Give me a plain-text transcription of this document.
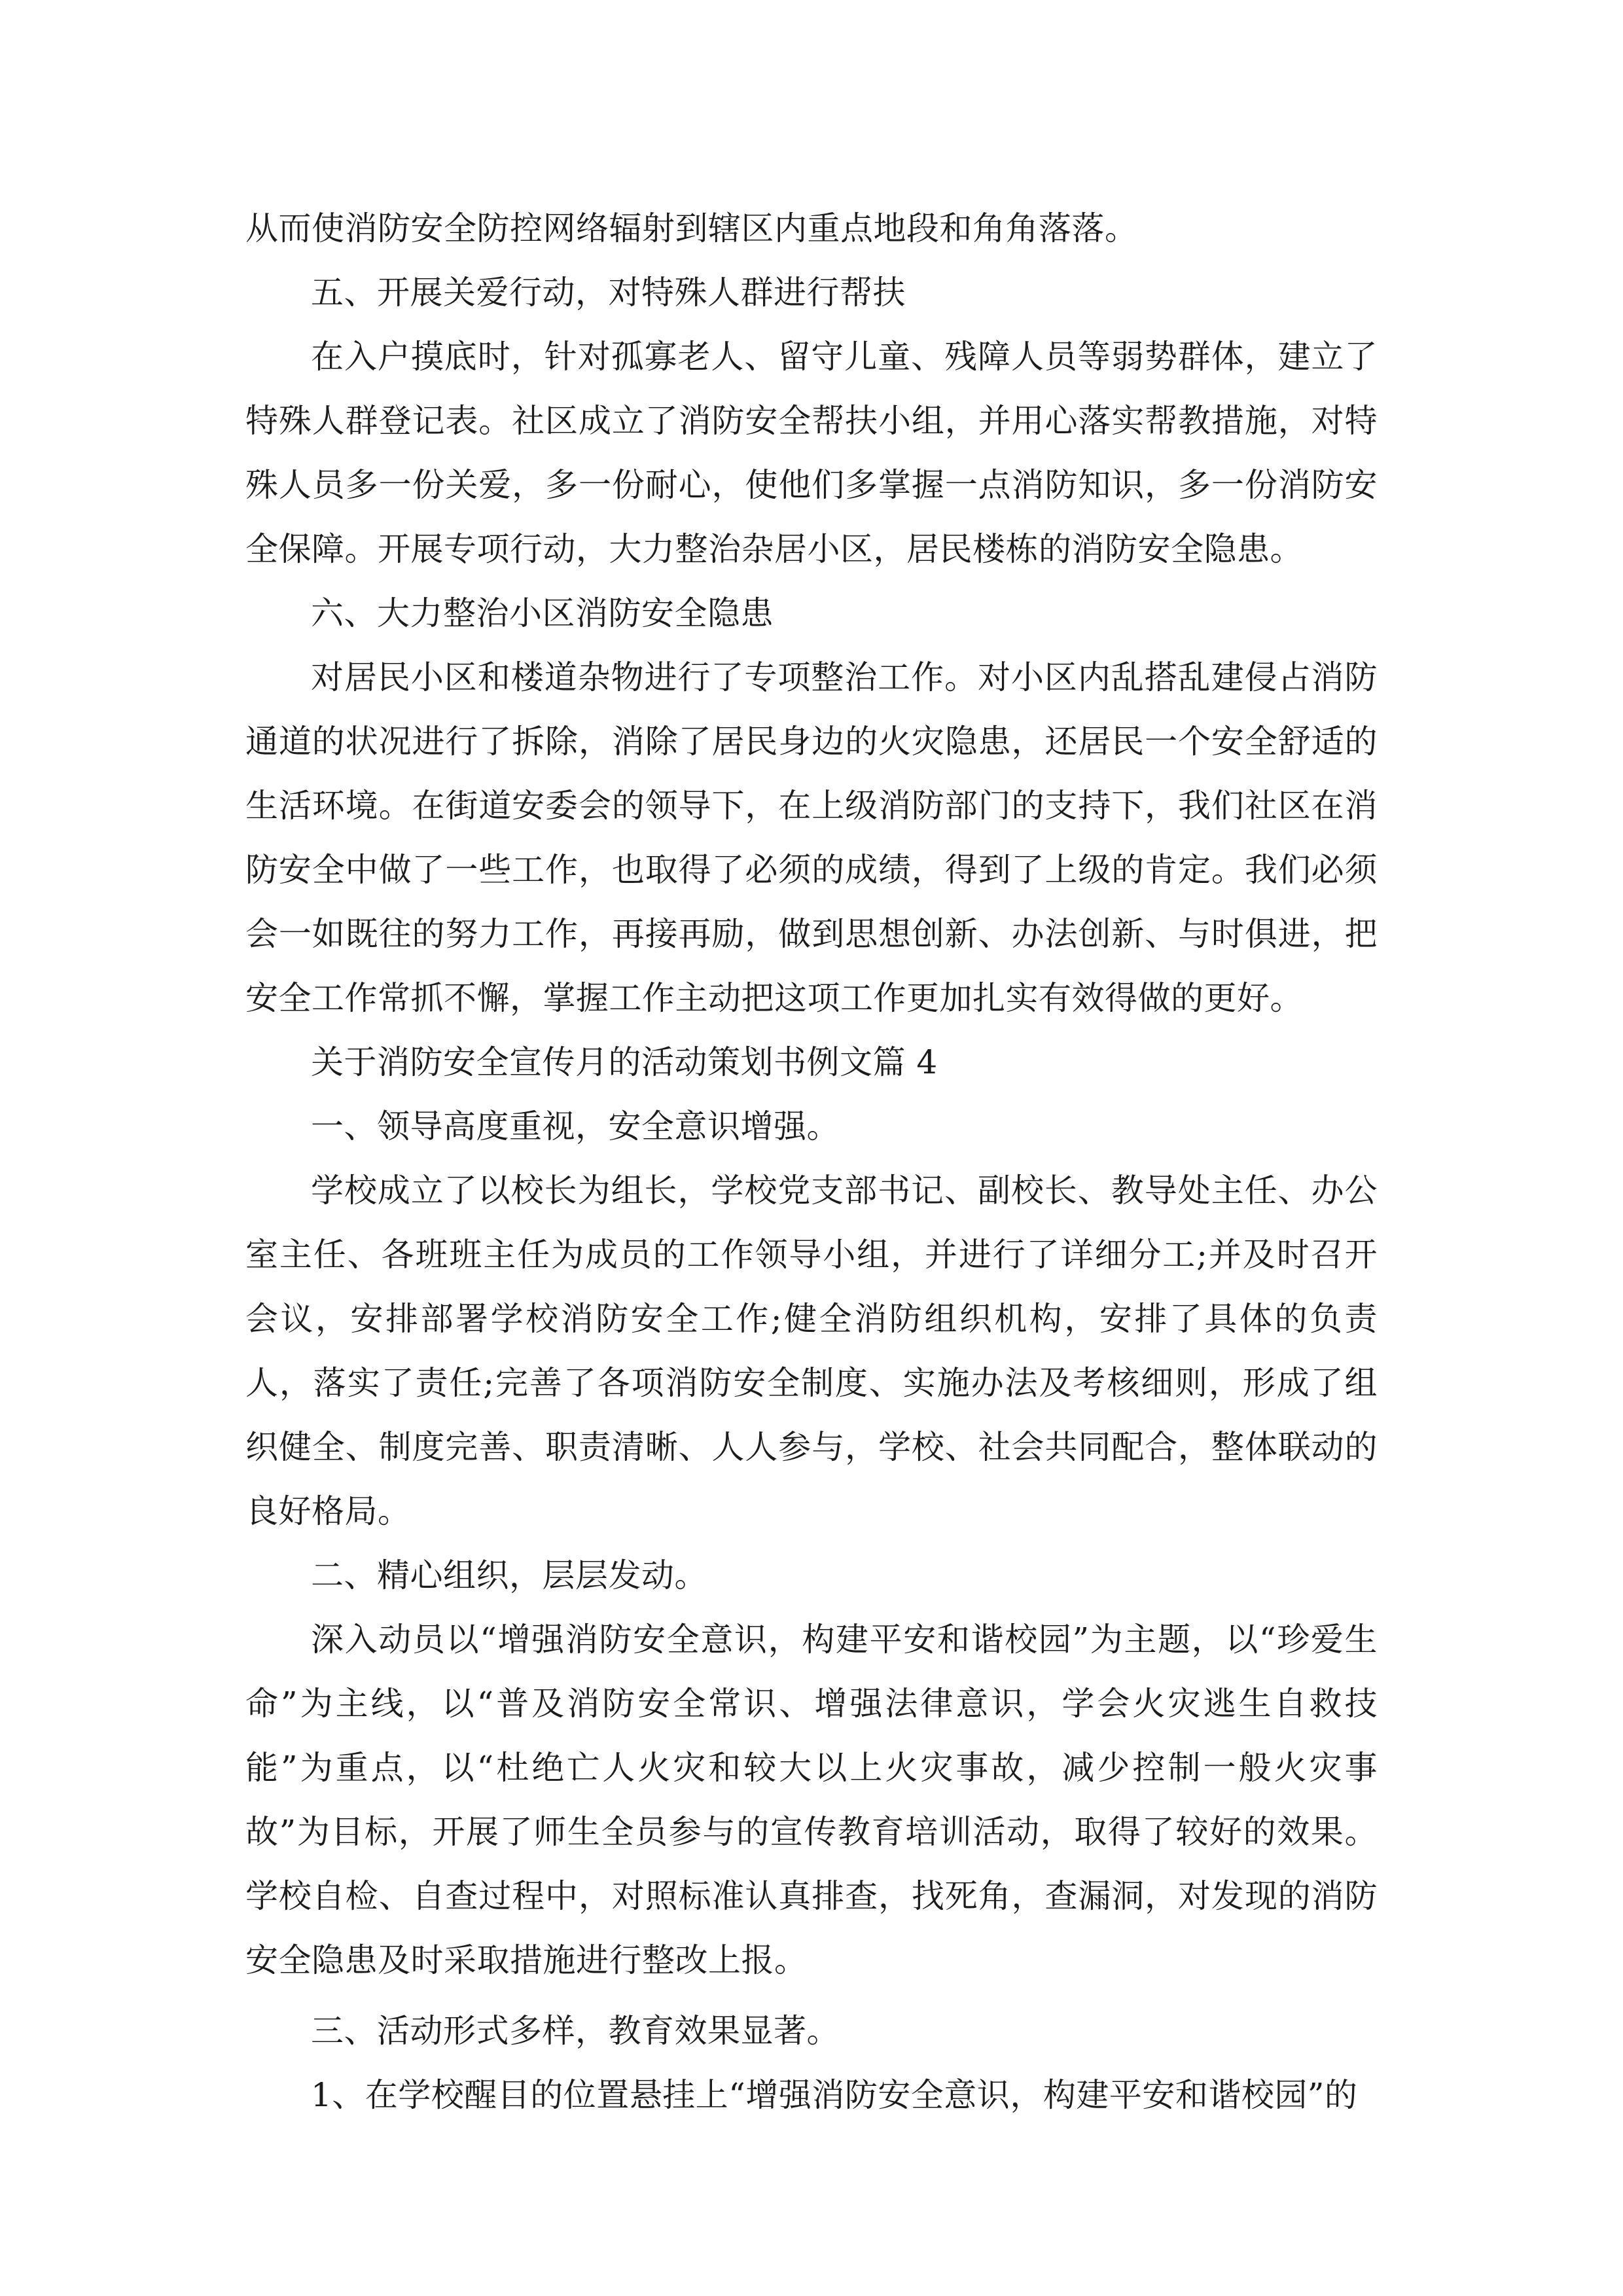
从而使消防安全防控网络辐射到辖区内重点地段和角角落落。

五、开展关爱行动，对特殊人群进行帮扶

在入户摸底时，针对孤寡老人、留守儿童、残障人员等弱势群体，建立了特殊人群登记表。社区成立了消防安全帮扶小组，并用心落实帮教措施，对特殊人员多一份关爱，多一份耐心，使他们多掌握一点消防知识，多一份消防安全保障。开展专项行动，大力整治杂居小区，居民楼栋的消防安全隐患。

六、大力整治小区消防安全隐患

对居民小区和楼道杂物进行了专项整治工作。对小区内乱搭乱建侵占消防通道的状况进行了拆除，消除了居民身边的火灾隐患，还居民一个安全舒适的生活环境。在街道安委会的领导下，在上级消防部门的支持下，我们社区在消防安全中做了一些工作，也取得了必须的成绩，得到了上级的肯定。我们必须会一如既往的努力工作，再接再励，做到思想创新、办法创新、与时俱进，把安全工作常抓不懈，掌握工作主动把这项工作更加扎实有效得做的更好。

关于消防安全宣传月的活动策划书例文篇 4

一、领导高度重视，安全意识增强。

学校成立了以校长为组长，学校党支部书记、副校长、教导处主任、办公室主任、各班班主任为成员的工作领导小组，并进行了详细分工;并及时召开会议，安排部署学校消防安全工作;健全消防组织机构，安排了具体的负责人，落实了责任;完善了各项消防安全制度、实施办法及考核细则，形成了组织健全、制度完善、职责清晰、人人参与，学校、社会共同配合，整体联动的良好格局。

二、精心组织，层层发动。

深入动员以“增强消防安全意识，构建平安和谐校园”为主题，以“珍爱生命”为主线，以“普及消防安全常识、增强法律意识，学会火灾逃生自救技能”为重点，以“杜绝亡人火灾和较大以上火灾事故，减少控制一般火灾事故”为目标，开展了师生全员参与的宣传教育培训活动，取得了较好的效果。学校自检、自查过程中，对照标准认真排查，找死角，查漏洞，对发现的消防安全隐患及时采取措施进行整改上报。

三、活动形式多样，教育效果显著。

1、在学校醒目的位置悬挂上“增强消防安全意识，构建平安和谐校园”的
